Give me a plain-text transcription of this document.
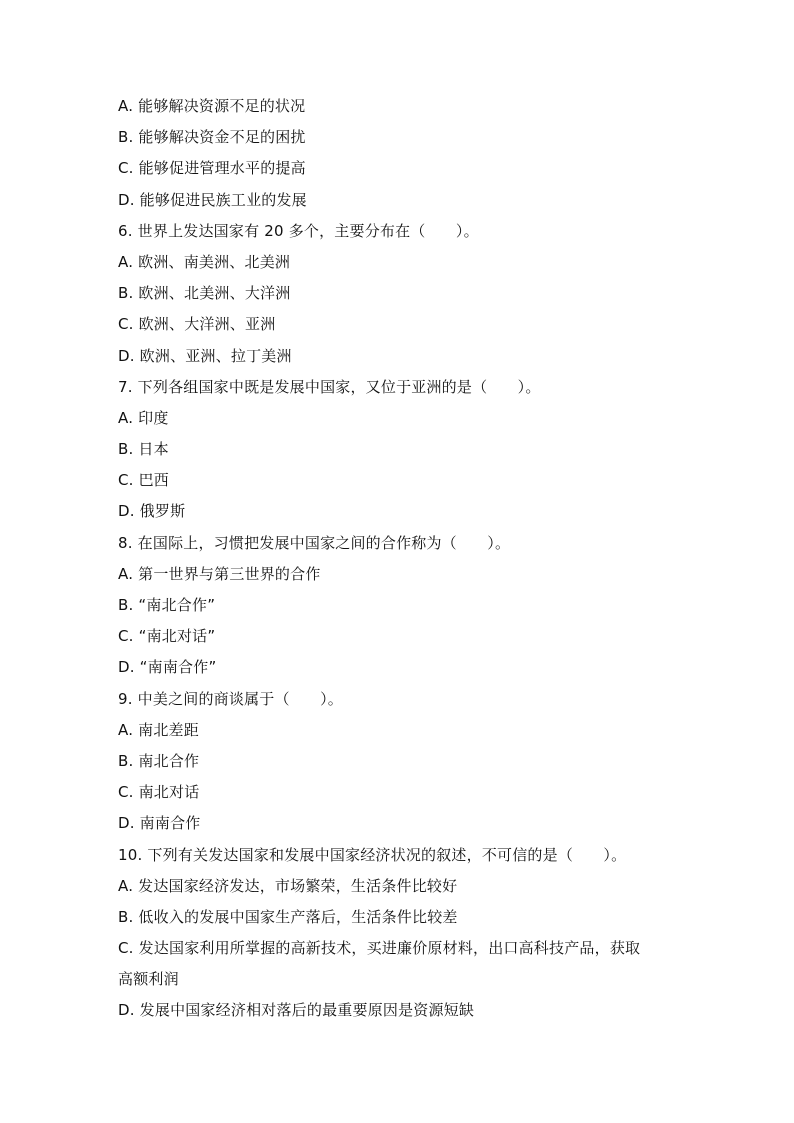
A. 能够解决资源不足的状况
B. 能够解决资金不足的困扰
C. 能够促进管理水平的提高
D. 能够促进民族工业的发展
6. 世界上发达国家有 20 多个，主要分布在（　　）。
A. 欧洲、南美洲、北美洲
B. 欧洲、北美洲、大洋洲
C. 欧洲、大洋洲、亚洲
D. 欧洲、亚洲、拉丁美洲
7. 下列各组国家中既是发展中国家，又位于亚洲的是（　　）。
A. 印度
B. 日本
C. 巴西
D. 俄罗斯
8. 在国际上，习惯把发展中国家之间的合作称为（　　）。
A. 第一世界与第三世界的合作
B. “南北合作”
C. “南北对话”
D. “南南合作”
9. 中美之间的商谈属于（　　）。
A. 南北差距
B. 南北合作
C. 南北对话
D. 南南合作
10. 下列有关发达国家和发展中国家经济状况的叙述，不可信的是（　　）。
A. 发达国家经济发达，市场繁荣，生活条件比较好
B. 低收入的发展中国家生产落后，生活条件比较差
C. 发达国家利用所掌握的高新技术，买进廉价原材料，出口高科技产品，获取
高额利润
D. 发展中国家经济相对落后的最重要原因是资源短缺
